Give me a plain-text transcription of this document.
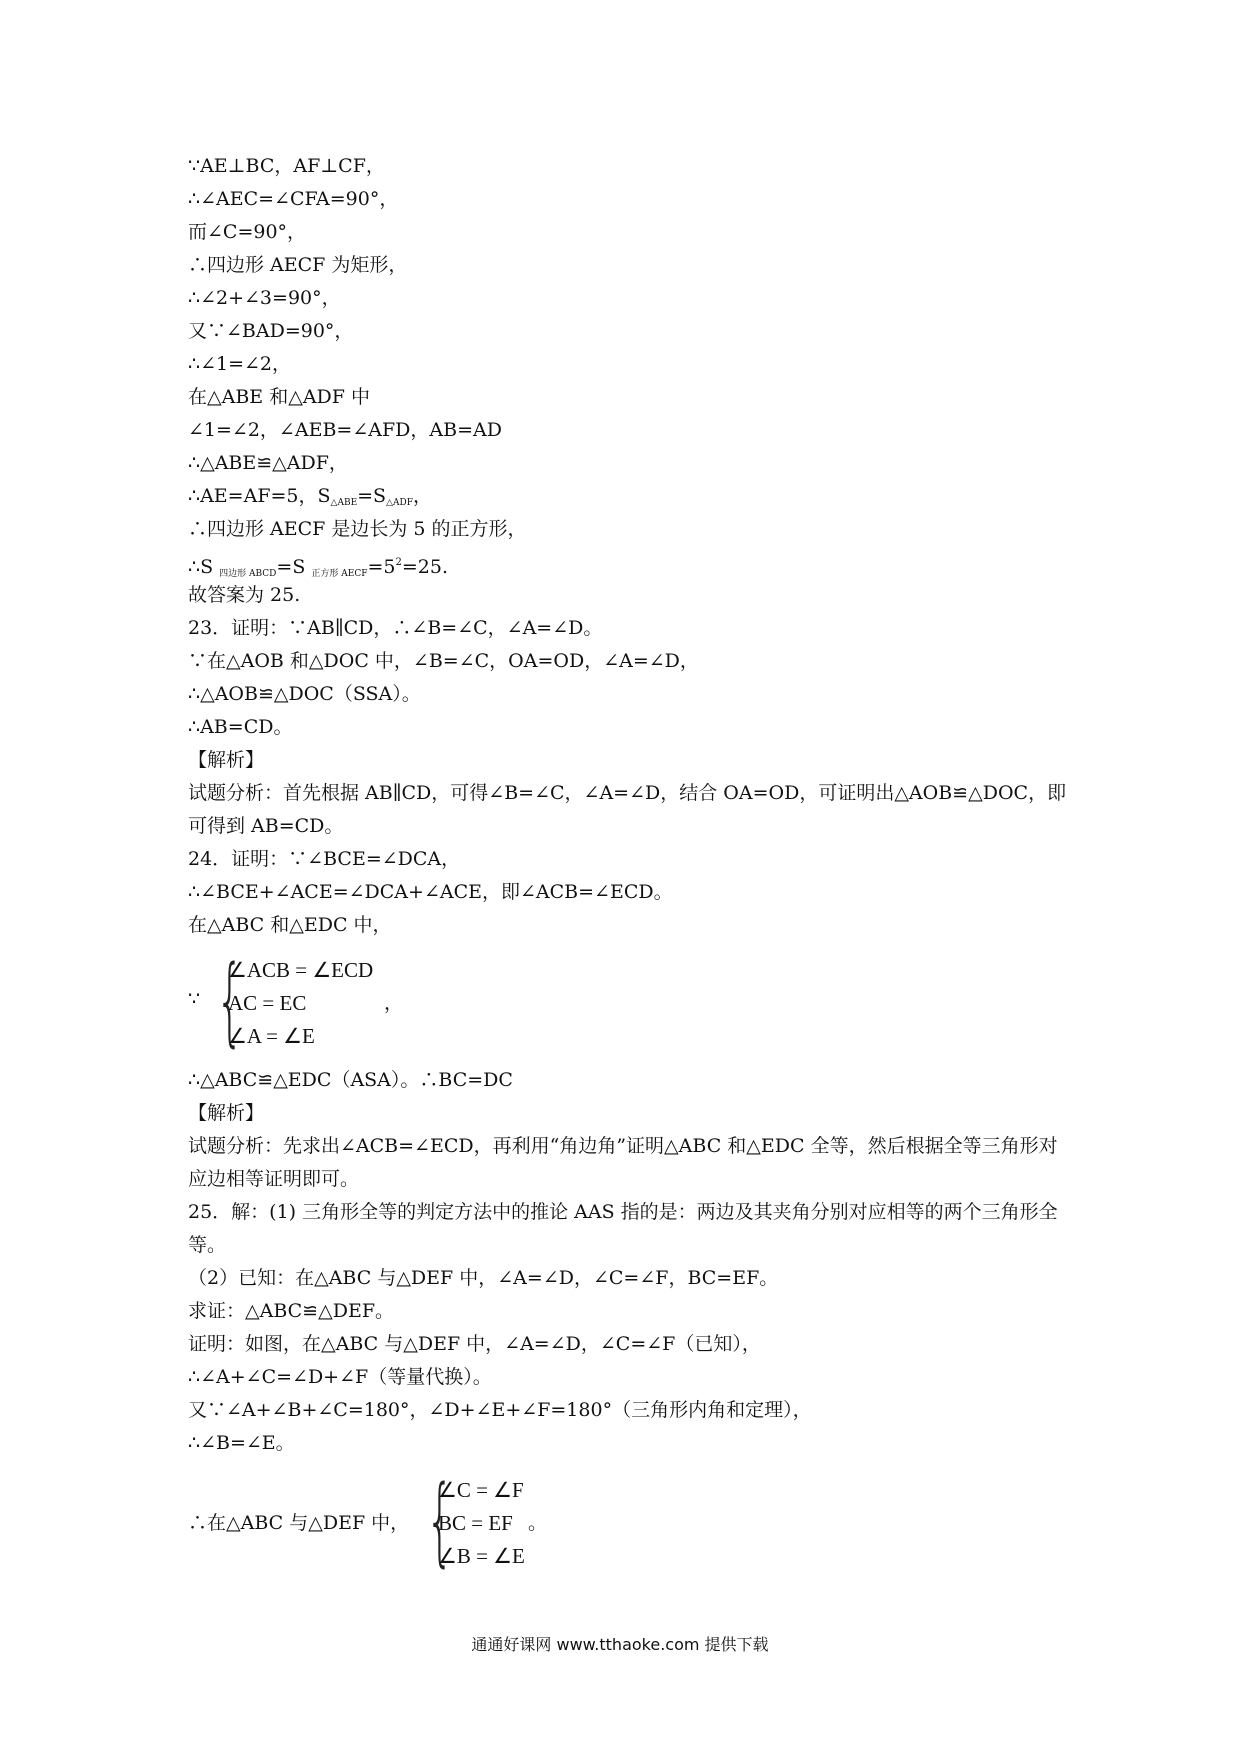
∵AE⊥BC，AF⊥CF，
∴∠AEC=∠CFA=90°，
而∠C=90°，
∴四边形 AECF 为矩形，
∴∠2+∠3=90°，
又∵∠BAD=90°，
∴∠1=∠2，
在△ABE 和△ADF 中
∠1=∠2，∠AEB=∠AFD，AB=AD
∴△ABE≌△ADF，
∴AE=AF=5，$S_{\triangle ABE}=S_{\triangle ADF}$，
∴四边形 AECF 是边长为 5 的正方形，
∴S $_{四边形 ABCD}$=S $_{正方形 AECF}=5^2=25$.
故答案为 25.
23．证明：∵AB∥CD，∴∠B=∠C，∠A=∠D。
∵在△AOB 和△DOC 中，∠B=∠C，OA=OD，∠A=∠D，
∴△AOB≌△DOC（SSA）。
∴AB=CD。
【解析】
试题分析：首先根据 AB∥CD，可得∠B=∠C，∠A=∠D，结合 OA=OD，可证明出△AOB≌△DOC，即可得到 AB=CD。
24．证明：∵∠BCE=∠DCA，
∴∠BCE+∠ACE=∠DCA+∠ACE，即∠ACB=∠ECD。
在△ABC 和△EDC 中，
∵ {
∠ACB = ∠ECD
AC = EC
∠A = ∠E
，
∴△ABC≌△EDC（ASA）。∴BC=DC
【解析】
试题分析：先求出∠ACB=∠ECD，再利用“角边角”证明△ABC 和△EDC 全等，然后根据全等三角形对应边相等证明即可。
25．解：(1) 三角形全等的判定方法中的推论 AAS 指的是：两边及其夹角分别对应相等的两个三角形全等。
（2）已知：在△ABC 与△DEF 中，∠A=∠D，∠C=∠F，BC=EF。
求证：△ABC≌△DEF。
证明：如图，在△ABC 与△DEF 中，∠A=∠D，∠C=∠F（已知），
∴∠A+∠C=∠D+∠F（等量代换）。
又∵∠A+∠B+∠C=180°，∠D+∠E+∠F=180°（三角形内角和定理），
∴∠B=∠E。
∴在△ABC 与△DEF 中， {
∠C = ∠F
BC = EF
∠B = ∠E
。
通通好课网 www.tthaoke.com 提供下载
